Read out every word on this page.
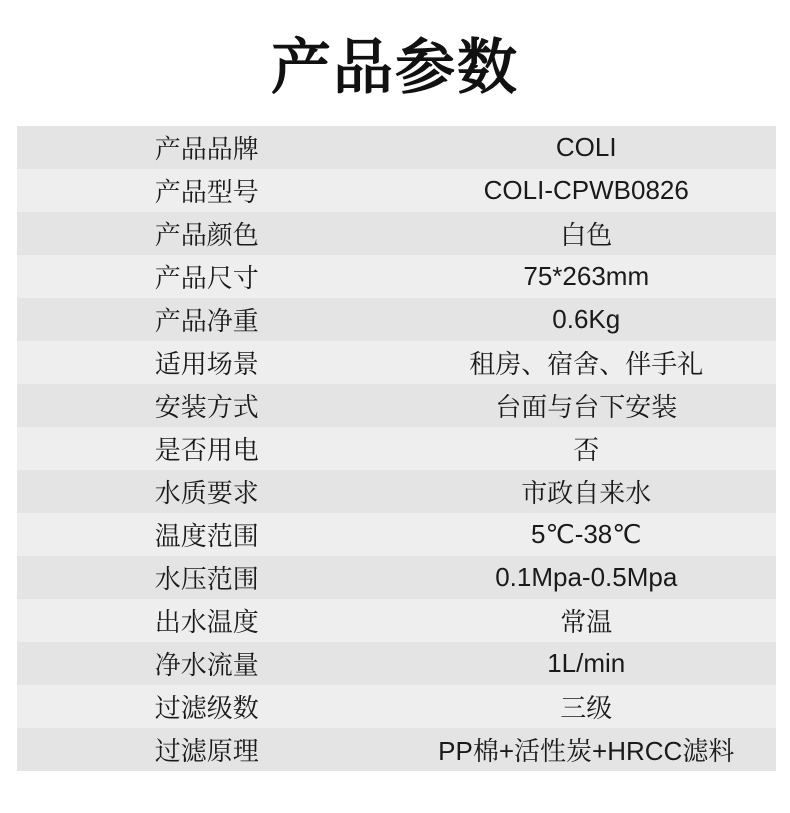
产品参数
产品品牌	COLI
产品型号	COLI-CPWB0826
产品颜色	白色
产品尺寸	75*263mm
产品净重	0.6Kg
适用场景	租房、宿舍、伴手礼
安装方式	台面与台下安装
是否用电	否
水质要求	市政自来水
温度范围	5℃-38℃
水压范围	0.1Mpa-0.5Mpa
出水温度	常温
净水流量	1L/min
过滤级数	三级
过滤原理	PP棉+活性炭+HRCC滤料
